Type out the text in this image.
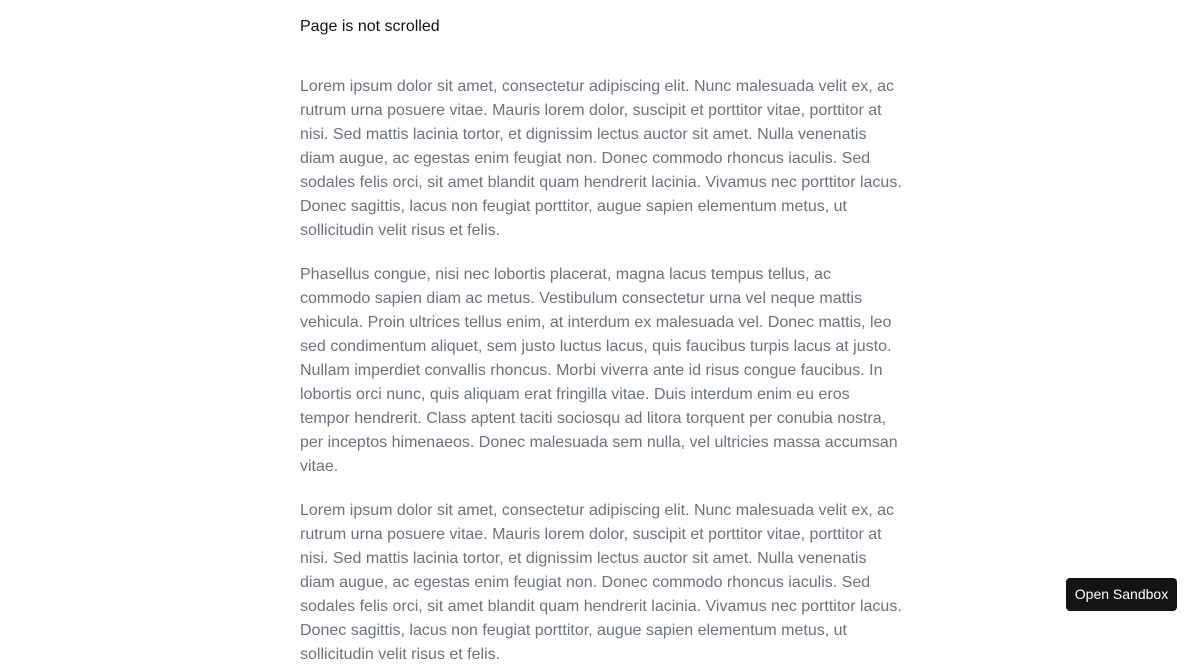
Page is not scrolled

Lorem ipsum dolor sit amet, consectetur adipiscing elit. Nunc malesuada velit ex, ac rutrum urna posuere vitae. Mauris lorem dolor, suscipit et porttitor vitae, porttitor at nisi. Sed mattis lacinia tortor, et dignissim lectus auctor sit amet. Nulla venenatis diam augue, ac egestas enim feugiat non. Donec commodo rhoncus iaculis. Sed sodales felis orci, sit amet blandit quam hendrerit lacinia. Vivamus nec porttitor lacus. Donec sagittis, lacus non feugiat porttitor, augue sapien elementum metus, ut sollicitudin velit risus et felis.

Phasellus congue, nisi nec lobortis placerat, magna lacus tempus tellus, ac commodo sapien diam ac metus. Vestibulum consectetur urna vel neque mattis vehicula. Proin ultrices tellus enim, at interdum ex malesuada vel. Donec mattis, leo sed condimentum aliquet, sem justo luctus lacus, quis faucibus turpis lacus at justo. Nullam imperdiet convallis rhoncus. Morbi viverra ante id risus congue faucibus. In lobortis orci nunc, quis aliquam erat fringilla vitae. Duis interdum enim eu eros tempor hendrerit. Class aptent taciti sociosqu ad litora torquent per conubia nostra, per inceptos himenaeos. Donec malesuada sem nulla, vel ultricies massa accumsan vitae.

Lorem ipsum dolor sit amet, consectetur adipiscing elit. Nunc malesuada velit ex, ac rutrum urna posuere vitae. Mauris lorem dolor, suscipit et porttitor vitae, porttitor at nisi. Sed mattis lacinia tortor, et dignissim lectus auctor sit amet. Nulla venenatis diam augue, ac egestas enim feugiat non. Donec commodo rhoncus iaculis. Sed sodales felis orci, sit amet blandit quam hendrerit lacinia. Vivamus nec porttitor lacus. Donec sagittis, lacus non feugiat porttitor, augue sapien elementum metus, ut sollicitudin velit risus et felis.

Open Sandbox
